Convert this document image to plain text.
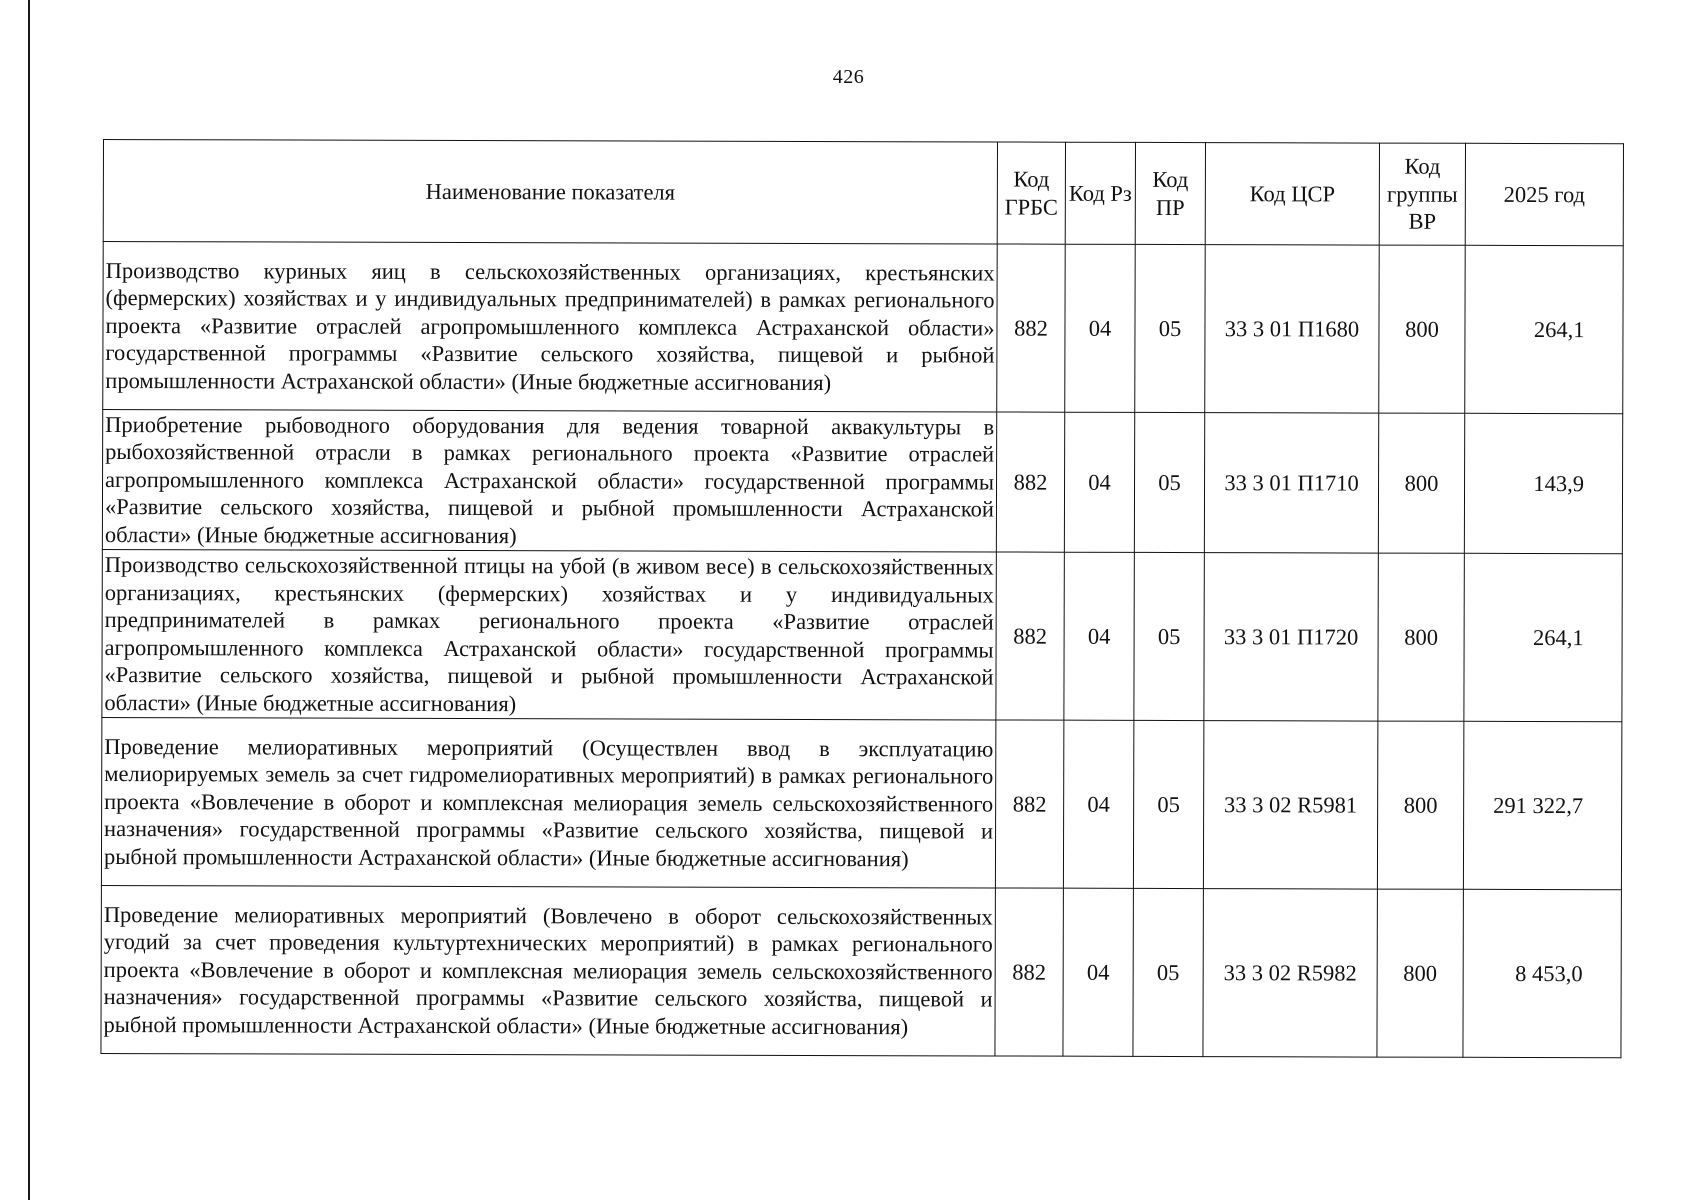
426
Наименование показателя	Код ГРБС	Код Рз	Код ПР	Код ЦСР	Код группы ВР	2025 год
Производство куриных яиц в сельскохозяйственных организациях, крестьянских (фермерских) хозяйствах и у индивидуальных предпринимателей) в рамках регионального проекта «Развитие отраслей агропромышленного комплекса Астраханской области» государственной программы «Развитие сельского хозяйства, пищевой и рыбной промышленности Астраханской области» (Иные бюджетные ассигнования)	882	04	05	33 3 01 П1680	800	264,1
Приобретение рыбоводного оборудования для ведения товарной аквакультуры в рыбохозяйственной отрасли в рамках регионального проекта «Развитие отраслей агропромышленного комплекса Астраханской области» государственной программы «Развитие сельского хозяйства, пищевой и рыбной промышленности Астраханской области» (Иные бюджетные ассигнования)	882	04	05	33 3 01 П1710	800	143,9
Производство сельскохозяйственной птицы на убой (в живом весе) в сельскохозяйственных организациях, крестьянских (фермерских) хозяйствах и у индивидуальных предпринимателей в рамках регионального проекта «Развитие отраслей агропромышленного комплекса Астраханской области» государственной программы «Развитие сельского хозяйства, пищевой и рыбной промышленности Астраханской области» (Иные бюджетные ассигнования)	882	04	05	33 3 01 П1720	800	264,1
Проведение мелиоративных мероприятий (Осуществлен ввод в эксплуатацию мелиорируемых земель за счет гидромелиоративных мероприятий) в рамках регионального проекта «Вовлечение в оборот и комплексная мелиорация земель сельскохозяйственного назначения» государственной программы «Развитие сельского хозяйства, пищевой и рыбной промышленности Астраханской области» (Иные бюджетные ассигнования)	882	04	05	33 3 02 R5981	800	291 322,7
Проведение мелиоративных мероприятий (Вовлечено в оборот сельскохозяйственных угодий за счет проведения культуртехнических мероприятий) в рамках регионального проекта «Вовлечение в оборот и комплексная мелиорация земель сельскохозяйственного назначения» государственной программы «Развитие сельского хозяйства, пищевой и рыбной промышленности Астраханской области» (Иные бюджетные ассигнования)	882	04	05	33 3 02 R5982	800	8 453,0
